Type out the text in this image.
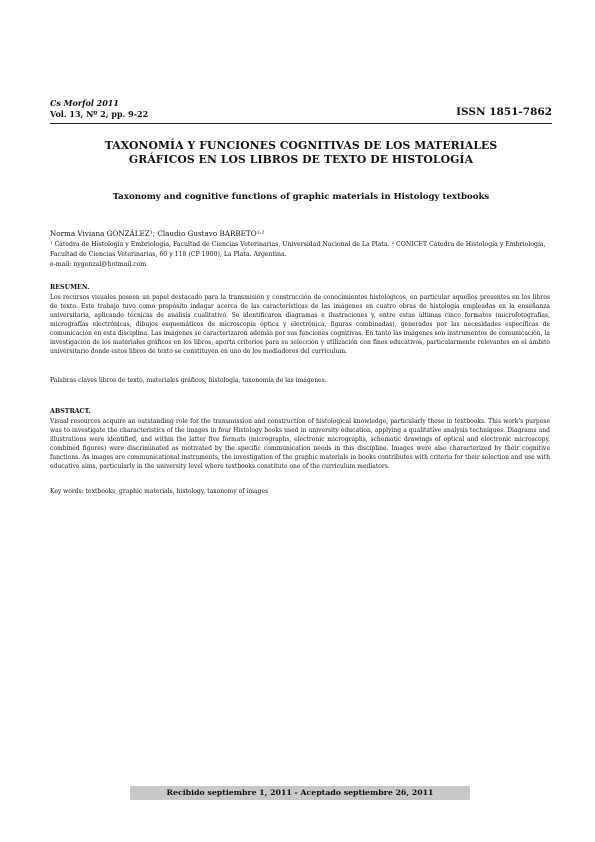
Cs Morfol 2011
Vol. 13, Nº 2, pp. 9-22	ISSN 1851-7862
TAXONOMÍA Y FUNCIONES COGNITIVAS DE LOS MATERIALES GRÁFICOS EN LOS LIBROS DE TEXTO DE HISTOLOGÍA
Taxonomy and cognitive functions of graphic materials in Histology textbooks
Norma Viviana GONZÁLEZ¹; Claudio Gustavo BARBETO¹˒²
¹ Cátedra de Histología y Embriología, Facultad de Ciencias Veterinarias, Universidad Nacional de La Plata. ² CONICET Cátedra de Histología y Embriología, Facultad de Ciencias Veterinarias, 60 y 118 (CP 1900), La Plata. Argentina.
e-mail: nygonzal@hotmail.com
RESUMEN.
Los recursos visuales poseen un papel destacado para la transmisión y construcción de conocimientos histológicos, en particular aquellos presentes en los libros de texto. Este trabajo tuvo como propósito indagar acerca de las características de las imágenes en cuatro obras de histología empleadas en la enseñanza universitaria, aplicando técnicas de análisis cualitativo. Se identificaron diagramas e ilustraciones y, entre estas últimas cinco formatos (microfotografías, micrografías electrónicas, dibujos esquemáticos de microscopía óptica y electrónica, figuras combinadas), generados por las necesidades específicas de comunicación en esta disciplina. Las imágenes se caracterizaron además por sus funciones cognitivas. En tanto las imágenes son instrumentos de comunicación, la investigación de los materiales gráficos en los libros, aporta criterios para su selección y utilización con fines educativos, particularmente relevantes en el ámbito universitario donde estos libros de texto se constituyen en uno de los mediadores del currículum.
Palabras claves libros de texto, materiales gráficos, histología, taxonomía de las imágenes.
ABSTRACT.
Visual resources acquire an outstanding role for the transmission and construction of histological knowledge, particularly those in textbooks. This work's purpose was to investigate the characteristics of the images in four Histology books used in university education, applying a qualitative analysis techniques. Diagrams and illustrations were identified, and within the latter five formats (micrographs, electronic micrographs, schematic drawings of optical and electronic microscopy, combined figures) were discriminated as motivated by the specific communication needs in this discipline. Images were also characterized by their cognitive functions. As images are communicational instruments, the investigation of the graphic materials in books contributes with criteria for their selection and use with educative aims, particularly in the university level where textbooks constitute one of the curriculum mediators.
Key words: textbooks, graphic materials, histology, taxonomy of images
Recibido septiembre 1, 2011 - Aceptado septiembre 26, 2011
